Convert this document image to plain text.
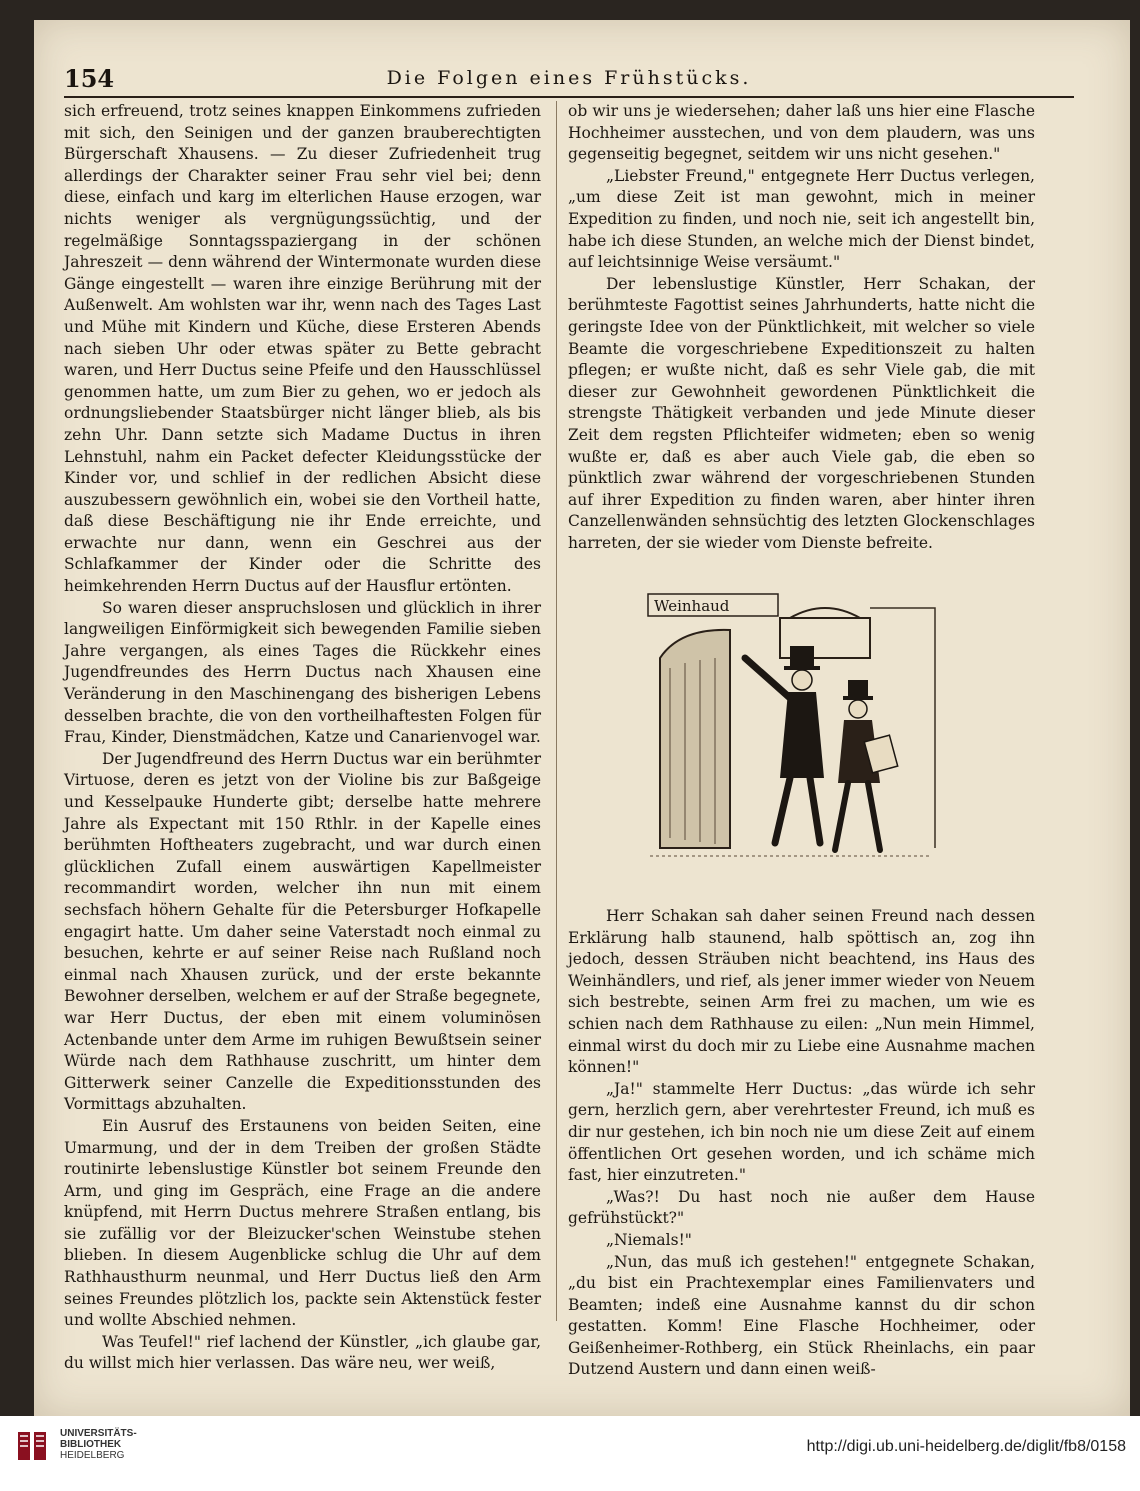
154	Die Folgen eines Frühstücks.

sich erfreuend, trotz seines knappen Einkommens zufrieden mit sich, den Seinigen und der ganzen brauberechtigten Bürgerschaft Xhausens. — Zu dieser Zufriedenheit trug allerdings der Charakter seiner Frau sehr viel bei; denn diese, einfach und karg im elterlichen Hause erzogen, war nichts weniger als vergnügungssüchtig, und der regelmäßige Sonntagsspaziergang in der schönen Jahreszeit — denn während der Wintermonate wurden diese Gänge eingestellt — waren ihre einzige Berührung mit der Außenwelt. Am wohlsten war ihr, wenn nach des Tages Last und Mühe mit Kindern und Küche, diese Ersteren Abends nach sieben Uhr oder etwas später zu Bette gebracht waren, und Herr Ductus seine Pfeife und den Hausschlüssel genommen hatte, um zum Bier zu gehen, wo er jedoch als ordnungsliebender Staatsbürger nicht länger blieb, als bis zehn Uhr. Dann setzte sich Madame Ductus in ihren Lehnstuhl, nahm ein Packet defecter Kleidungsstücke der Kinder vor, und schlief in der redlichen Absicht diese auszubessern gewöhnlich ein, wobei sie den Vortheil hatte, daß diese Beschäftigung nie ihr Ende erreichte, und erwachte nur dann, wenn ein Geschrei aus der Schlafkammer der Kinder oder die Schritte des heimkehrenden Herrn Ductus auf der Hausflur ertönten.

So waren dieser anspruchslosen und glücklich in ihrer langweiligen Einförmigkeit sich bewegenden Familie sieben Jahre vergangen, als eines Tages die Rückkehr eines Jugendfreundes des Herrn Ductus nach Xhausen eine Veränderung in den Maschinengang des bisherigen Lebens desselben brachte, die von den vortheilhaftesten Folgen für Frau, Kinder, Dienstmädchen, Katze und Canarienvogel war.

Der Jugendfreund des Herrn Ductus war ein berühmter Virtuose, deren es jetzt von der Violine bis zur Baßgeige und Kesselpauke Hunderte gibt; derselbe hatte mehrere Jahre als Expectant mit 150 Rthlr. in der Kapelle eines berühmten Hoftheaters zugebracht, und war durch einen glücklichen Zufall einem auswärtigen Kapellmeister recommandirt worden, welcher ihn nun mit einem sechsfach höhern Gehalte für die Petersburger Hofkapelle engagirt hatte. Um daher seine Vaterstadt noch einmal zu besuchen, kehrte er auf seiner Reise nach Rußland noch einmal nach Xhausen zurück, und der erste bekannte Bewohner derselben, welchem er auf der Straße begegnete, war Herr Ductus, der eben mit einem voluminösen Actenbande unter dem Arme im ruhigen Bewußtsein seiner Würde nach dem Rathhause zuschritt, um hinter dem Gitterwerk seiner Canzelle die Expeditionsstunden des Vormittags abzuhalten.

Ein Ausruf des Erstaunens von beiden Seiten, eine Umarmung, und der in dem Treiben der großen Städte routinirte lebenslustige Künstler bot seinem Freunde den Arm, und ging im Gespräch, eine Frage an die andere knüpfend, mit Herrn Ductus mehrere Straßen entlang, bis sie zufällig vor der Bleizucker'schen Weinstube stehen blieben. In diesem Augenblicke schlug die Uhr auf dem Rathhausthurm neunmal, und Herr Ductus ließ den Arm seines Freundes plötzlich los, packte sein Aktenstück fester und wollte Abschied nehmen.

Was Teufel!" rief lachend der Künstler, „ich glaube gar, du willst mich hier verlassen. Das wäre neu, wer weiß,

ob wir uns je wiedersehen; daher laß uns hier eine Flasche Hochheimer ausstechen, und von dem plaudern, was uns gegenseitig begegnet, seitdem wir uns nicht gesehen."

„Liebster Freund," entgegnete Herr Ductus verlegen, „um diese Zeit ist man gewohnt, mich in meiner Expedition zu finden, und noch nie, seit ich angestellt bin, habe ich diese Stunden, an welche mich der Dienst bindet, auf leichtsinnige Weise versäumt."

Der lebenslustige Künstler, Herr Schakan, der berühmteste Fagottist seines Jahrhunderts, hatte nicht die geringste Idee von der Pünktlichkeit, mit welcher so viele Beamte die vorgeschriebene Expeditionszeit zu halten pflegen; er wußte nicht, daß es sehr Viele gab, die mit dieser zur Gewohnheit gewordenen Pünktlichkeit die strengste Thätigkeit verbanden und jede Minute dieser Zeit dem regsten Pflichteifer widmeten; eben so wenig wußte er, daß es aber auch Viele gab, die eben so pünktlich zwar während der vorgeschriebenen Stunden auf ihrer Expedition zu finden waren, aber hinter ihren Canzellenwänden sehnsüchtig des letzten Glockenschlages harreten, der sie wieder vom Dienste befreite.

Weinhaud

Herr Schakan sah daher seinen Freund nach dessen Erklärung halb staunend, halb spöttisch an, zog ihn jedoch, dessen Sträuben nicht beachtend, ins Haus des Weinhändlers, und rief, als jener immer wieder von Neuem sich bestrebte, seinen Arm frei zu machen, um wie es schien nach dem Rathhause zu eilen: „Nun mein Himmel, einmal wirst du doch mir zu Liebe eine Ausnahme machen können!"

„Ja!" stammelte Herr Ductus: „das würde ich sehr gern, herzlich gern, aber verehrtester Freund, ich muß es dir nur gestehen, ich bin noch nie um diese Zeit auf einem öffentlichen Ort gesehen worden, und ich schäme mich fast, hier einzutreten."

„Was?! Du hast noch nie außer dem Hause gefrühstückt?"

„Niemals!"

„Nun, das muß ich gestehen!" entgegnete Schakan, „du bist ein Prachtexemplar eines Familienvaters und Beamten; indeß eine Ausnahme kannst du dir schon gestatten. Komm! Eine Flasche Hochheimer, oder Geißenheimer-Rothberg, ein Stück Rheinlachs, ein paar Dutzend Austern und dann einen weiß-

UNIVERSITÄTS-
BIBLIOTHEK
HEIDELBERG
http://digi.ub.uni-heidelberg.de/diglit/fb8/0158
